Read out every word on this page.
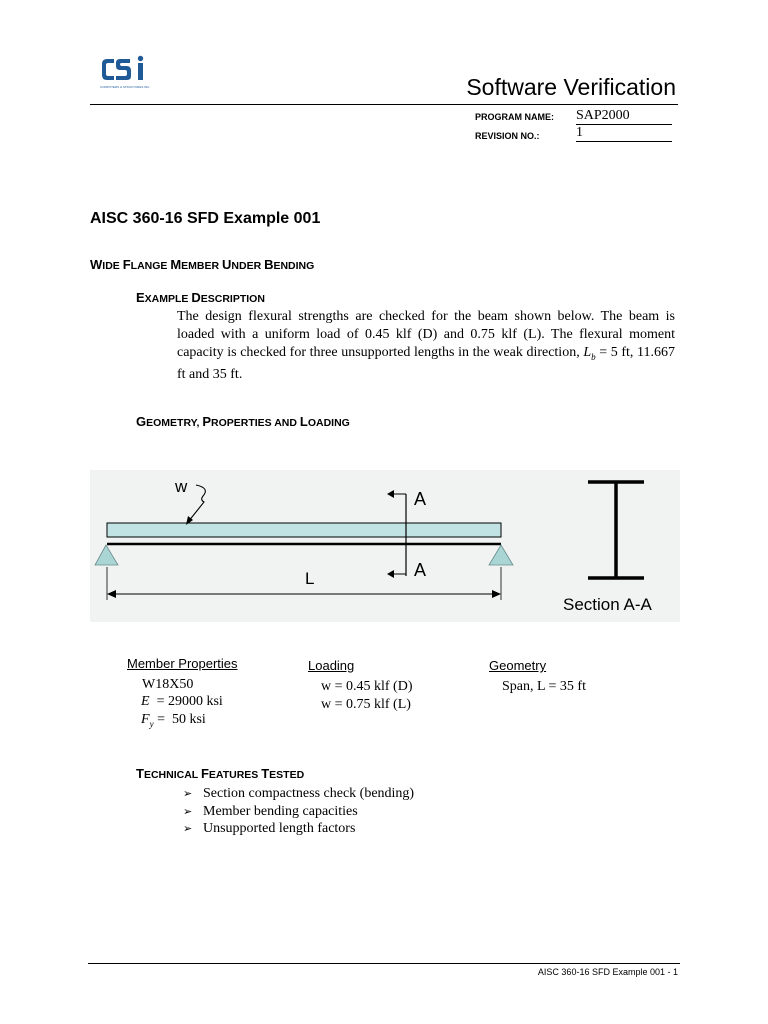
COMPUTERS & STRUCTURES INC.	Software Verification
PROGRAM NAME: SAP2000
REVISION NO.:	1
AISC 360-16 SFD Example 001
WIDE FLANGE MEMBER UNDER BENDING
EXAMPLE DESCRIPTION
The design flexural strengths are checked for the beam shown below. The beam is loaded with a uniform load of 0.45 klf (D) and 0.75 klf (L). The flexural moment capacity is checked for three unsupported lengths in the weak direction, $L_b = 5$ ft, 11.667 ft and 35 ft.
GEOMETRY, PROPERTIES AND LOADING
w
A
A
L
Section A-A
Member Properties
W18X50
E  = 29000 ksi
$F_y = 50$ ksi
Loading
w = 0.45 klf (D)
w = 0.75 klf (L)
Geometry
Span, L = 35 ft
TECHNICAL FEATURES TESTED
➢ Section compactness check (bending)
➢ Member bending capacities
➢ Unsupported length factors
AISC 360-16 SFD Example 001 - 1
